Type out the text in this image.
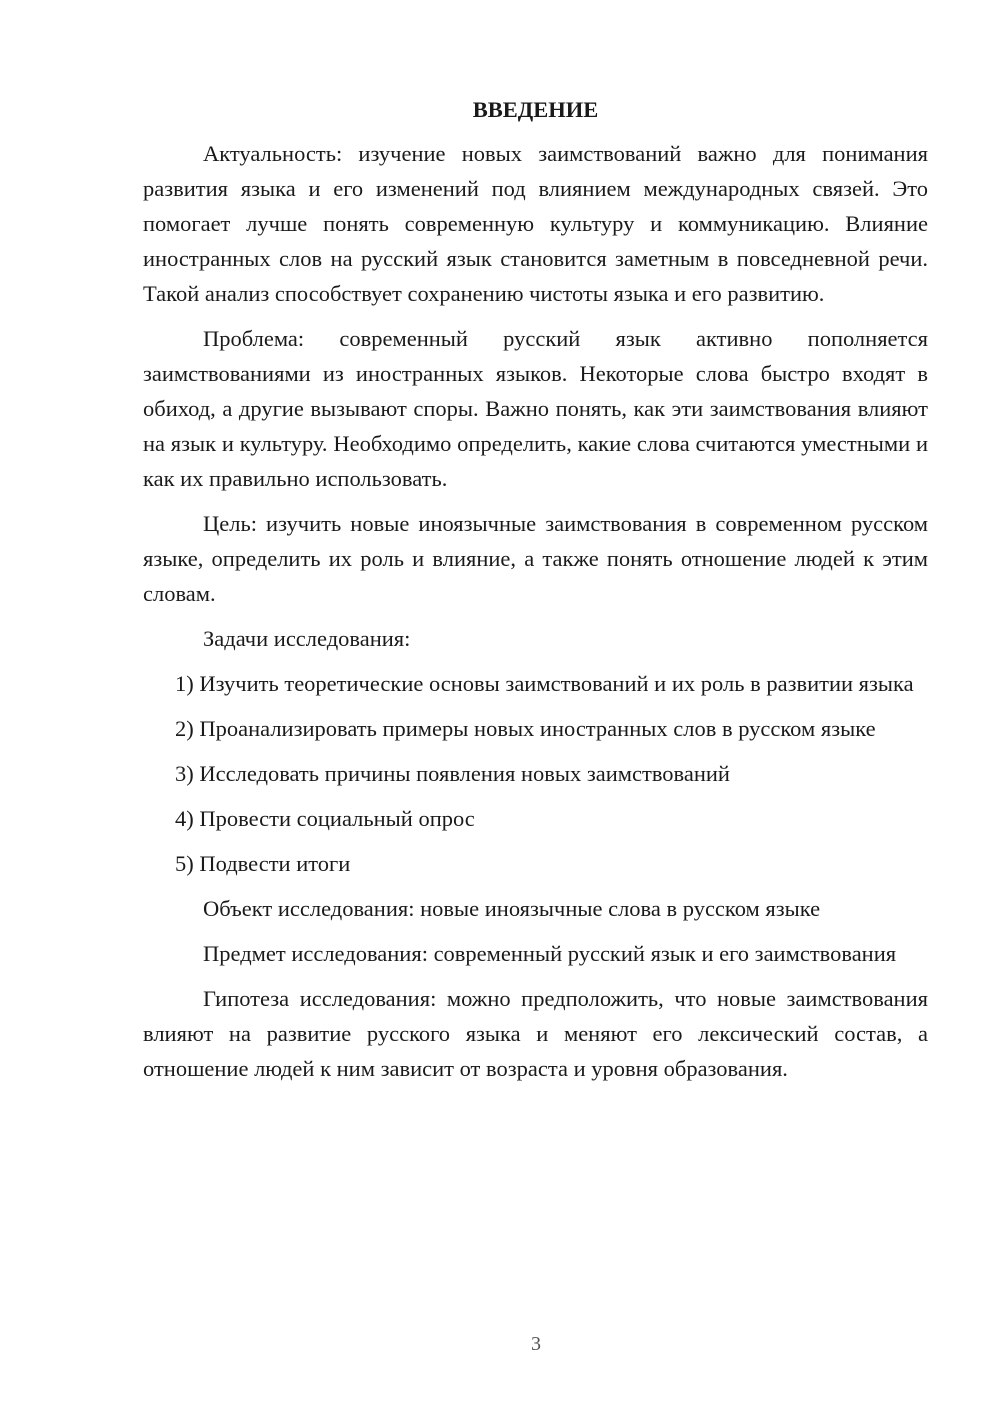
ВВЕДЕНИЕ

Актуальность: изучение новых заимствований важно для понимания развития языка и его изменений под влиянием международных связей. Это помогает лучше понять современную культуру и коммуникацию. Влияние иностранных слов на русский язык становится заметным в повседневной речи. Такой анализ способствует сохранению чистоты языка и его развитию.

Проблема: современный русский язык активно пополняется заимствованиями из иностранных языков. Некоторые слова быстро входят в обиход, а другие вызывают споры. Важно понять, как эти заимствования влияют на язык и культуру. Необходимо определить, какие слова считаются уместными и как их правильно использовать.

Цель: изучить новые иноязычные заимствования в современном русском языке, определить их роль и влияние, а также понять отношение людей к этим словам.

Задачи исследования:

1) Изучить теоретические основы заимствований и их роль в развитии языка

2) Проанализировать примеры новых иностранных слов в русском языке

3) Исследовать причины появления новых заимствований

4) Провести социальный опрос

5) Подвести итоги

Объект исследования: новые иноязычные слова в русском языке

Предмет исследования: современный русский язык и его заимствования

Гипотеза исследования: можно предположить, что новые заимствования влияют на развитие русского языка и меняют его лексический состав, а отношение людей к ним зависит от возраста и уровня образования.

3
